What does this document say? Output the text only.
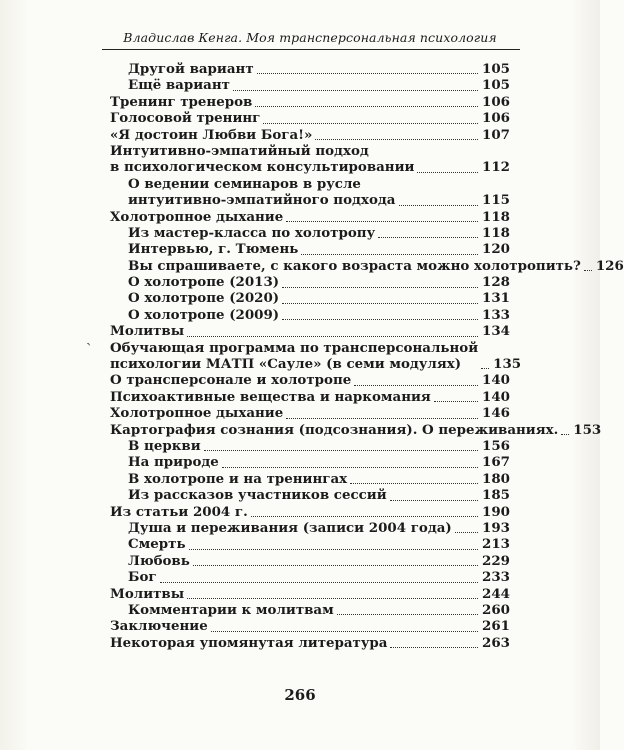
Владислав Кенга. Моя трансперсональная психология
Другой вариант	105
Ещё вариант	105
Тренинг тренеров	106
Голосовой тренинг	106
«Я достоин Любви Бога!»	107
Интуитивно-эмпатийный подход
в психологическом консультировании	112
О ведении семинаров в русле
интуитивно-эмпатийного подхода	115
Холотропное дыхание	118
Из мастер-класса по холотропу	118
Интервью, г. Тюмень	120
Вы спрашиваете, с какого возраста можно холотропить? 126
О холотропе (2013)	128
О холотропе (2020)	131
О холотропе (2009)	133
Молитвы	134
Обучающая программа по трансперсональной
психологии МАТП «Сауле» (в семи модулях)	135
О трансперсонале и холотропе	140
Психоактивные вещества и наркомания	140
Холотропное дыхание	146
Картография сознания (подсознания). О переживаниях. 153
В церкви	156
На природе	167
В холотропе и на тренингах	180
Из рассказов участников сессий	185
Из статьи 2004 г.	190
Душа и переживания (записи 2004 года) 193
Смерть	213
Любовь	229
Бог	233
Молитвы	244
Комментарии к молитвам	260
Заключение	261
Некоторая упомянутая литература	263
ˏ
266
